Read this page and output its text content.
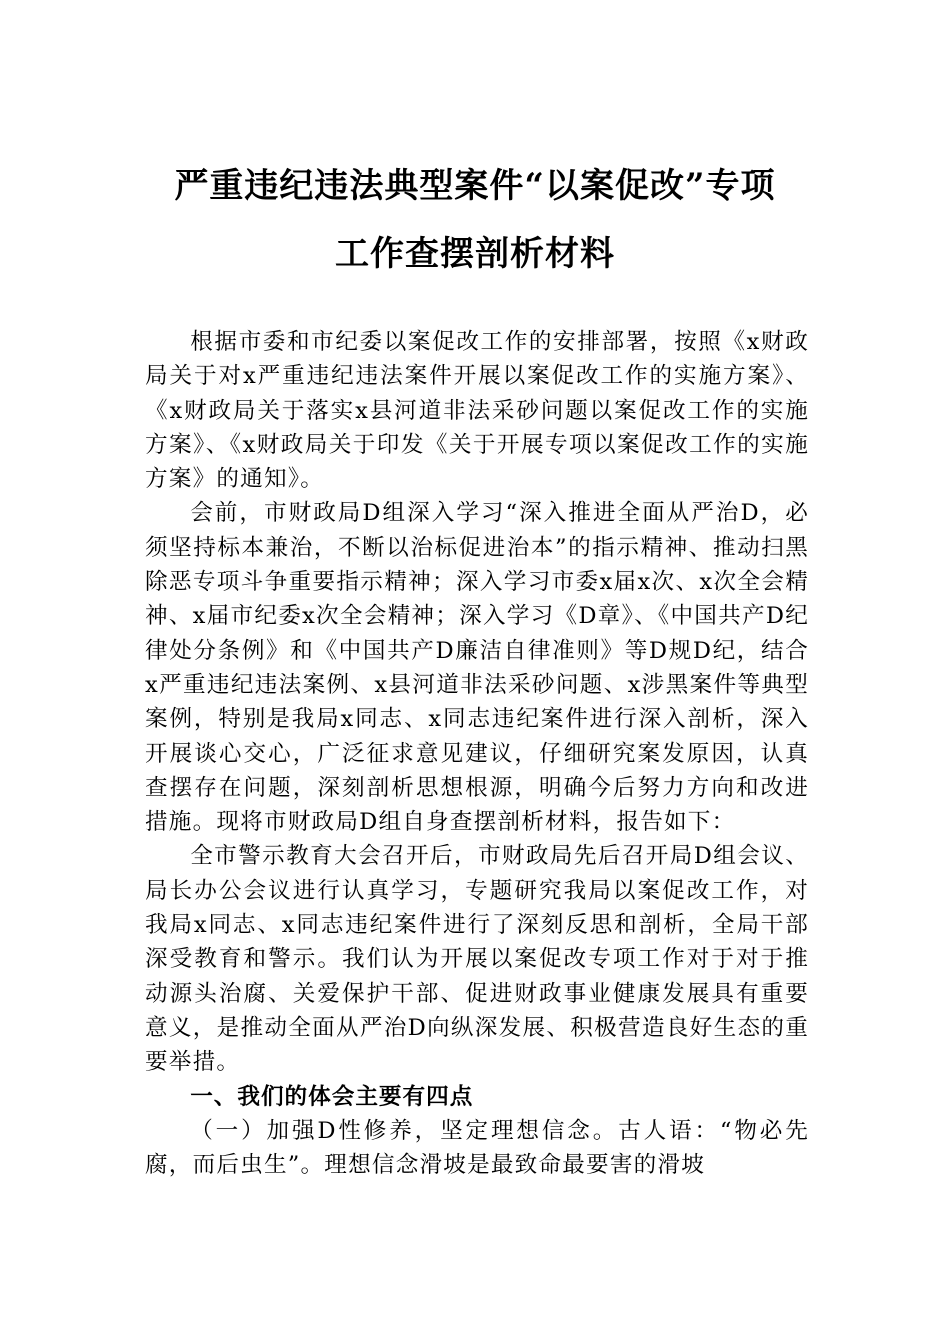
严重违纪违法典型案件“以案促改”专项
工作查摆剖析材料

根据市委和市纪委以案促改工作的安排部署，按照《x财政局关于对x严重违纪违法案件开展以案促改工作的实施方案》、《x财政局关于落实x县河道非法采砂问题以案促改工作的实施方案》、《x财政局关于印发《关于开展专项以案促改工作的实施方案》的通知》。

会前，市财政局D组深入学习“深入推进全面从严治D，必须坚持标本兼治，不断以治标促进治本”的指示精神、推动扫黑除恶专项斗争重要指示精神；深入学习市委x届x次、x次全会精神、x届市纪委x次全会精神；深入学习《D章》、《中国共产D纪律处分条例》和《中国共产D廉洁自律准则》等D规D纪，结合x严重违纪违法案例、x县河道非法采砂问题、x涉黑案件等典型案例，特别是我局x同志、x同志违纪案件进行深入剖析，深入开展谈心交心，广泛征求意见建议，仔细研究案发原因，认真查摆存在问题，深刻剖析思想根源，明确今后努力方向和改进措施。现将市财政局D组自身查摆剖析材料，报告如下：

全市警示教育大会召开后，市财政局先后召开局D组会议、局长办公会议进行认真学习，专题研究我局以案促改工作，对我局x同志、x同志违纪案件进行了深刻反思和剖析，全局干部深受教育和警示。我们认为开展以案促改专项工作对于对于推动源头治腐、关爱保护干部、促进财政事业健康发展具有重要意义，是推动全面从严治D向纵深发展、积极营造良好生态的重要举措。

一、我们的体会主要有四点

（一）加强D性修养，坚定理想信念。古人语：“物必先腐，而后虫生”。理想信念滑坡是最致命最要害的滑坡
